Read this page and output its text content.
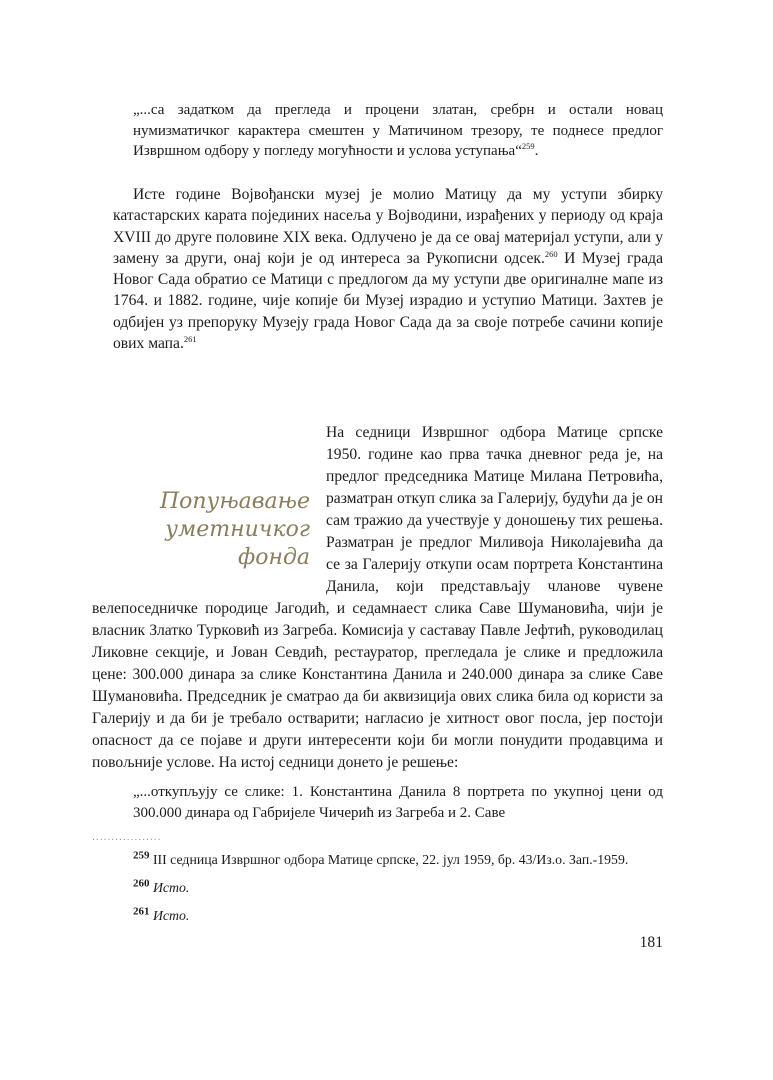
„...са задатком да прегледа и процени златан, сребрн и остали новац нумизматичког карактера смештен у Матичином трезору, те поднесе предлог Извршном одбору у погледу могућности и услова уступања“$^{259}$.

Исте године Војвођански музеј је молио Матицу да му уступи збирку катастарских карата појединих насеља у Војводини, израђених у периоду од краја XVIII до друге половине XIX века. Одлучено је да се овај материјал уступи, али у замену за други, онај који је од интереса за Рукописни одсек.$^{260}$ И Музеј града Новог Сада обратио се Матици с предлогом да му уступи две оригиналне мапе из 1764. и 1882. године, чије копије би Музеј израдио и уступио Матици. Захтев је одбијен уз препоруку Музеју града Новог Сада да за своје потребе сачини копије ових мапа.$^{261}$

Попуњавање
уметничког фонда
На седници Извршног одбора Матице српске 1950. године као прва тачка дневног реда је, на предлог председника Матице Милана Петровића, разматран откуп слика за Галерију, будући да је он сам тражио да учествује у доношењу тих решења. Разматран је предлог Миливоја Николајевића да се за Галерију откупи осам портрета Константина Данила, који представљају чланове чувене велепоседничке породице Јагодић, и седамнаест слика Саве Шумановића, чији је власник Златко Турковић из Загреба. Комисија у саставау Павле Јефтић, руководилац Ликовне секције, и Јован Севдић, рестауратор, прегледала је слике и предложила цене: 300.000 динара за слике Константина Данила и 240.000 динара за слике Саве Шумановића. Председник је сматрао да би аквизиција ових слика била од користи за Галерију и да би је требало остварити; нагласио је хитност овог посла, јер постоји опасност да се појаве и други интересенти који би могли понудити продавцима и повољније услове. На истој седници донето је решење:

„...откупљују се слике: 1. Константина Данила 8 портрета по укупној цени од 300.000 динара од Габријеле Чичерић из Загреба и 2. Саве

..................

$^{259}$ III седница Извршног одбора Матице српске, 22. јул 1959, бр. 43/Из.о. Зап.-1959.

$^{260}$ Исто.

$^{261}$ Исто.

181
